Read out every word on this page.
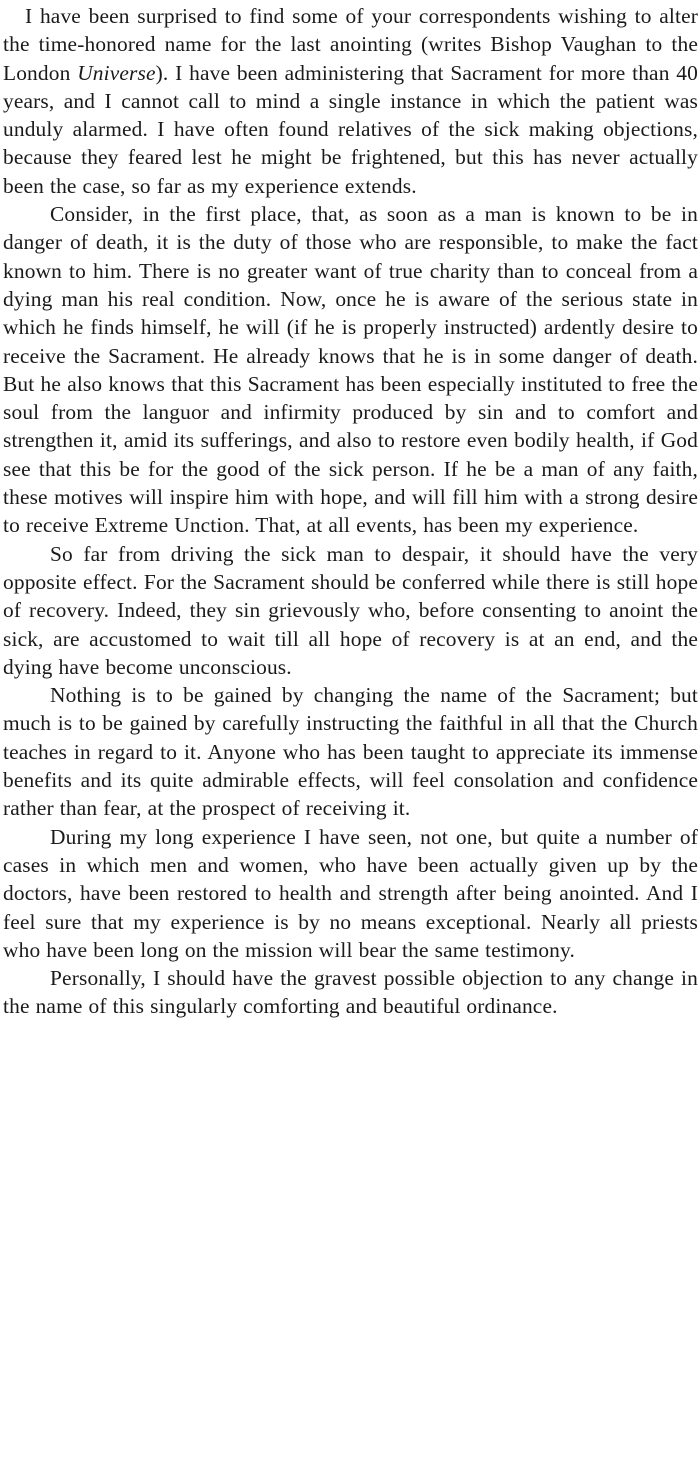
I have been surprised to find some of your correspondents wishing to alter the time-honored name for the last anointing (writes Bishop Vaughan to the London Universe). I have been administering that Sacrament for more than 40 years, and I cannot call to mind a single instance in which the patient was unduly alarmed. I have often found relatives of the sick making objections, because they feared lest he might be frightened, but this has never actually been the case, so far as my experience extends.

Consider, in the first place, that, as soon as a man is known to be in danger of death, it is the duty of those who are responsible, to make the fact known to him. There is no greater want of true charity than to conceal from a dying man his real condition. Now, once he is aware of the serious state in which he finds himself, he will (if he is properly instructed) ardently desire to receive the Sacrament. He already knows that he is in some danger of death. But he also knows that this Sacrament has been especially instituted to free the soul from the languor and infirmity produced by sin and to comfort and strengthen it, amid its sufferings, and also to restore even bodily health, if God see that this be for the good of the sick person. If he be a man of any faith, these motives will inspire him with hope, and will fill him with a strong desire to receive Extreme Unction. That, at all events, has been my experience.

So far from driving the sick man to despair, it should have the very opposite effect. For the Sacrament should be conferred while there is still hope of recovery. Indeed, they sin grievously who, before consenting to anoint the sick, are accustomed to wait till all hope of recovery is at an end, and the dying have become unconscious.

Nothing is to be gained by changing the name of the Sacrament; but much is to be gained by carefully instructing the faithful in all that the Church teaches in regard to it. Anyone who has been taught to appreciate its immense benefits and its quite admirable effects, will feel consolation and confidence rather than fear, at the prospect of receiving it.

During my long experience I have seen, not one, but quite a number of cases in which men and women, who have been actually given up by the doctors, have been restored to health and strength after being anointed. And I feel sure that my experience is by no means exceptional. Nearly all priests who have been long on the mission will bear the same testimony.

Personally, I should have the gravest possible objection to any change in the name of this singularly comforting and beautiful ordinance.
